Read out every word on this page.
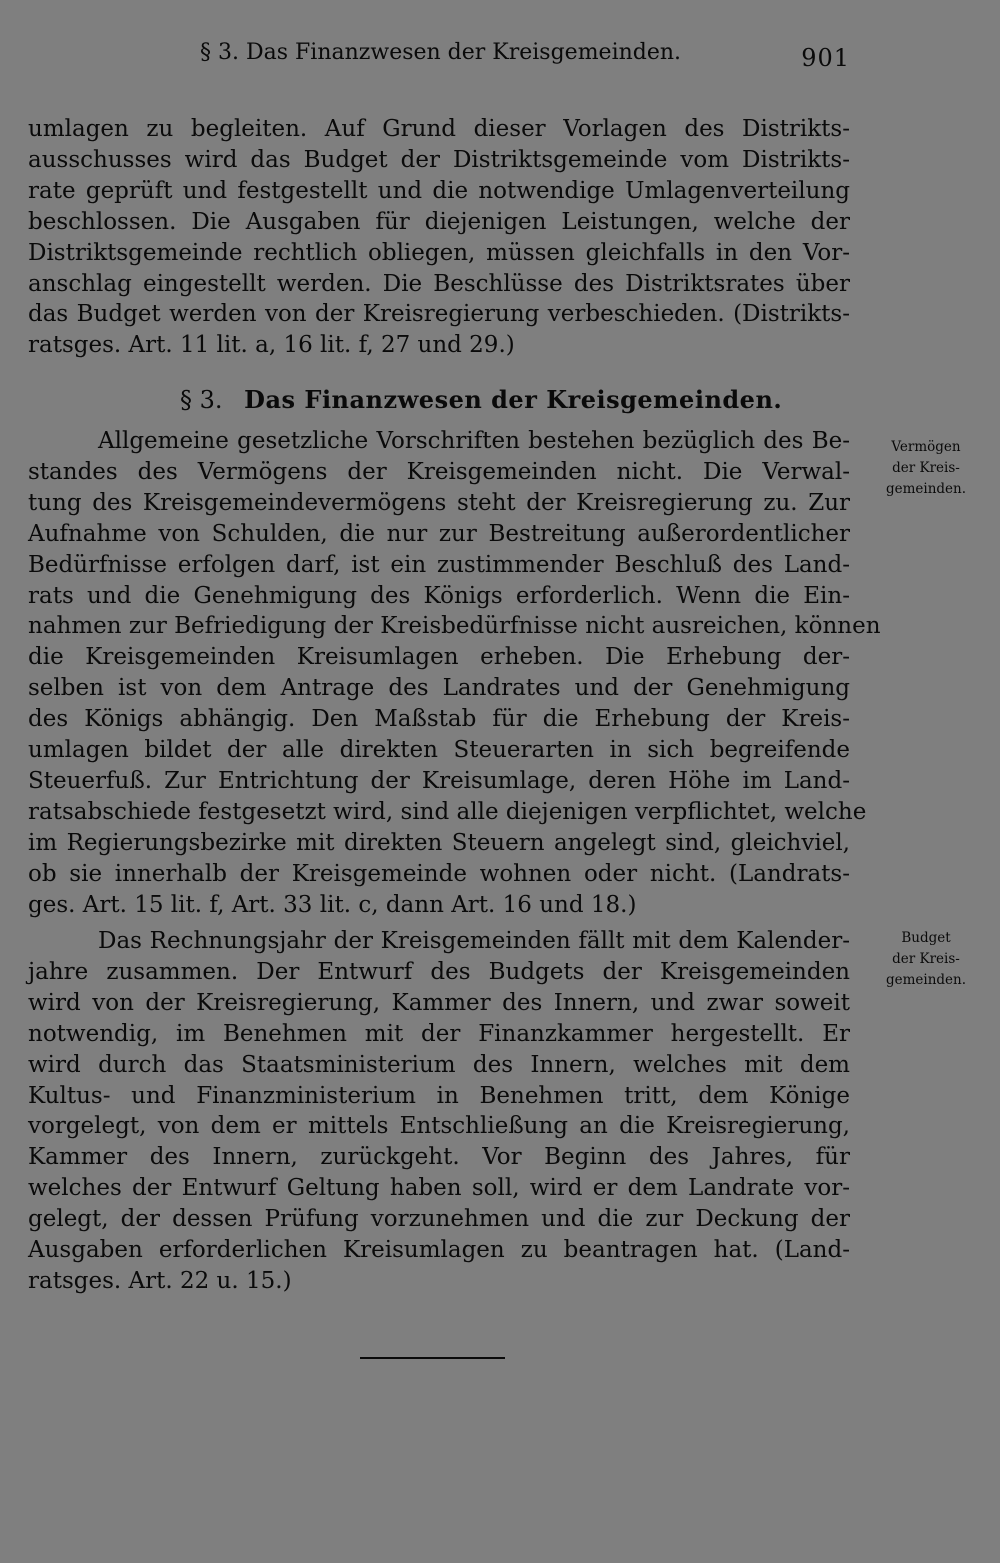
§ 3. Das Finanzwesen der Kreisgemeinden.	901
umlagen zu begleiten. Auf Grund dieser Vorlagen des Distrikts-
ausschusses wird das Budget der Distriktsgemeinde vom Distrikts-
rate geprüft und festgestellt und die notwendige Umlagenverteilung
beschlossen. Die Ausgaben für diejenigen Leistungen, welche der
Distriktsgemeinde rechtlich obliegen, müssen gleichfalls in den Vor-
anschlag eingestellt werden. Die Beschlüsse des Distriktsrates über
das Budget werden von der Kreisregierung verbeschieden. (Distrikts-
ratsges. Art. 11 lit. a, 16 lit. f, 27 und 29.)
§ 3. Das Finanzwesen der Kreisgemeinden.
Allgemeine gesetzliche Vorschriften bestehen bezüglich des Be-
standes des Vermögens der Kreisgemeinden nicht. Die Verwal-
tung des Kreisgemeindevermögens steht der Kreisregierung zu. Zur
Aufnahme von Schulden, die nur zur Bestreitung außerordentlicher
Bedürfnisse erfolgen darf, ist ein zustimmender Beschluß des Land-
rats und die Genehmigung des Königs erforderlich. Wenn die Ein-
nahmen zur Befriedigung der Kreisbedürfnisse nicht ausreichen, können
die Kreisgemeinden Kreisumlagen erheben. Die Erhebung der-
selben ist von dem Antrage des Landrates und der Genehmigung
des Königs abhängig. Den Maßstab für die Erhebung der Kreis-
umlagen bildet der alle direkten Steuerarten in sich begreifende
Steuerfuß. Zur Entrichtung der Kreisumlage, deren Höhe im Land-
ratsabschiede festgesetzt wird, sind alle diejenigen verpflichtet, welche
im Regierungsbezirke mit direkten Steuern angelegt sind, gleichviel,
ob sie innerhalb der Kreisgemeinde wohnen oder nicht. (Landrats-
ges. Art. 15 lit. f, Art. 33 lit. c, dann Art. 16 und 18.)
Das Rechnungsjahr der Kreisgemeinden fällt mit dem Kalender-
jahre zusammen. Der Entwurf des Budgets der Kreisgemeinden
wird von der Kreisregierung, Kammer des Innern, und zwar soweit
notwendig, im Benehmen mit der Finanzkammer hergestellt. Er
wird durch das Staatsministerium des Innern, welches mit dem
Kultus- und Finanzministerium in Benehmen tritt, dem Könige
vorgelegt, von dem er mittels Entschließung an die Kreisregierung,
Kammer des Innern, zurückgeht. Vor Beginn des Jahres, für
welches der Entwurf Geltung haben soll, wird er dem Landrate vor-
gelegt, der dessen Prüfung vorzunehmen und die zur Deckung der
Ausgaben erforderlichen Kreisumlagen zu beantragen hat. (Land-
ratsges. Art. 22 u. 15.)
Vermögen
der Kreis-
gemeinden.
Budget
der Kreis-
gemeinden.
